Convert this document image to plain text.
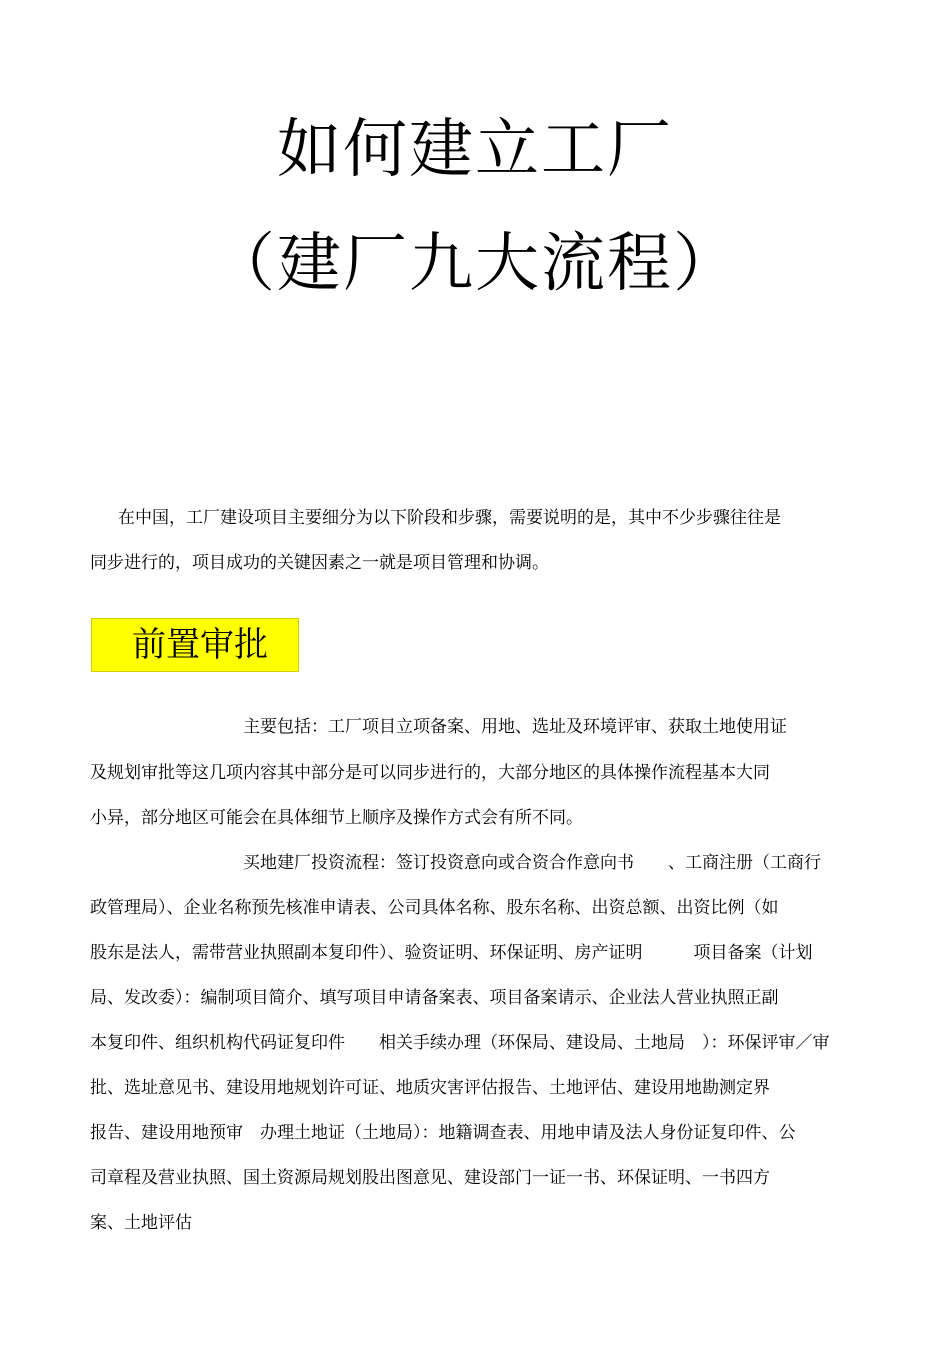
如何建立工厂
（建厂九大流程）
在中国，工厂建设项目主要细分为以下阶段和步骤，需要说明的是，其中不少步骤往往是
同步进行的，项目成功的关键因素之一就是项目管理和协调。
前置审批
主要包括：工厂项目立项备案、用地、选址及环境评审、获取土地使用证
及规划审批等这几项内容其中部分是可以同步进行的，大部分地区的具体操作流程基本大同
小异，部分地区可能会在具体细节上顺序及操作方式会有所不同。
买地建厂投资流程：签订投资意向或合资合作意向书　　、工商注册（工商行
政管理局）、企业名称预先核准申请表、公司具体名称、股东名称、出资总额、出资比例（如
股东是法人，需带营业执照副本复印件）、验资证明、环保证明、房产证明　　　项目备案（计划
局、发改委）：编制项目简介、填写项目申请备案表、项目备案请示、企业法人营业执照正副
本复印件、组织机构代码证复印件　　相关手续办理（环保局、建设局、土地局　）：环保评审／审
批、选址意见书、建设用地规划许可证、地质灾害评估报告、土地评估、建设用地勘测定界
报告、建设用地预审　办理土地证（土地局）：地籍调查表、用地申请及法人身份证复印件、公
司章程及营业执照、国土资源局规划股出图意见、建设部门一证一书、环保证明、一书四方
案、土地评估
